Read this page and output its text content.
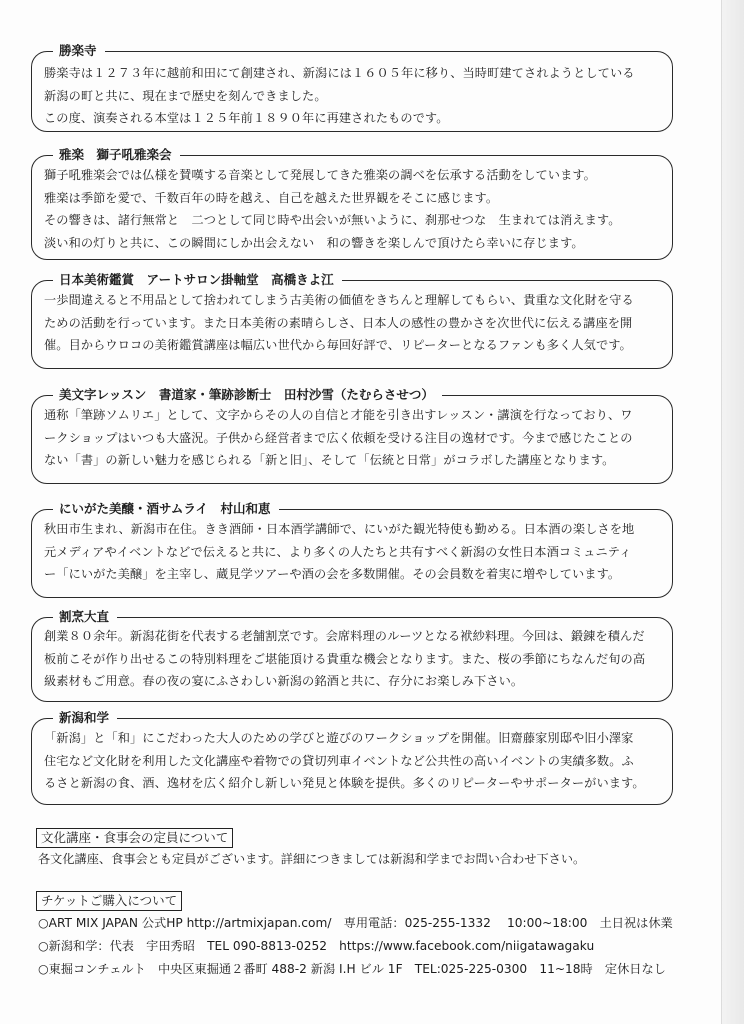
勝楽寺
勝楽寺は１２７３年に越前和田にて創建され、新潟には１６０５年に移り、当時町建てされようとしている
新潟の町と共に、現在まで歴史を刻んできました。
この度、演奏される本堂は１２５年前１８９０年に再建されたものです。
雅楽　獅子吼雅楽会
獅子吼雅楽会では仏様を賛嘆する音楽として発展してきた雅楽の調べを伝承する活動をしています。
雅楽は季節を愛で、千数百年の時を越え、自己を越えた世界観をそこに感じます。
その響きは、諸行無常と　二つとして同じ時や出会いが無いように、刹那せつな　生まれては消えます。
淡い和の灯りと共に、この瞬間にしか出会えない　和の響きを楽しんで頂けたら幸いに存じます。
日本美術鑑賞　アートサロン掛軸堂　高橋きよ江
一歩間違えると不用品として捨われてしまう古美術の価値をきちんと理解してもらい、貴重な文化財を守る
ための活動を行っています。また日本美術の素晴らしさ、日本人の感性の豊かさを次世代に伝える講座を開
催。目からウロコの美術鑑賞講座は幅広い世代から毎回好評で、リピーターとなるファンも多く人気です。
美文字レッスン　書道家・筆跡診断士　田村沙雪（たむらさせつ）
通称「筆跡ソムリエ」として、文字からその人の自信と才能を引き出すレッスン・講演を行なっており、ワ
ークショップはいつも大盛況。子供から経営者まで広く依頼を受ける注目の逸材です。今まで感じたことの
ない「書」の新しい魅力を感じられる「新と旧」、そして「伝統と日常」がコラボした講座となります。
にいがた美醸・酒サムライ　村山和恵
秋田市生まれ、新潟市在住。きき酒師・日本酒学講師で、にいがた観光特使も勤める。日本酒の楽しさを地
元メディアやイベントなどで伝えると共に、より多くの人たちと共有すべく新潟の女性日本酒コミュニティ
ー「にいがた美醸」を主宰し、蔵見学ツアーや酒の会を多数開催。その会員数を着実に増やしています。
割烹大直
創業８０余年。新潟花街を代表する老舗割烹です。会席料理のルーツとなる袱紗料理。今回は、鍛錬を積んだ
板前こそが作り出せるこの特別料理をご堪能頂ける貴重な機会となります。また、桜の季節にちなんだ旬の高
級素材もご用意。春の夜の宴にふさわしい新潟の銘酒と共に、存分にお楽しみ下さい。
新潟和学
「新潟」と「和」にこだわった大人のための学びと遊びのワークショップを開催。旧齋藤家別邸や旧小澤家
住宅など文化財を利用した文化講座や着物での貸切列車イベントなど公共性の高いイベントの実績多数。ふ
るさと新潟の食、酒、逸材を広く紹介し新しい発見と体験を提供。多くのリピーターやサポーターがいます。
文化講座・食事会の定員について
各文化講座、食事会とも定員がございます。詳細につきましては新潟和学までお問い合わせ下さい。
チケットご購入について
○ART MIX JAPAN 公式HP http://artmixjapan.com/　専用電話：025-255-1332　 10:00~18:00　土日祝は休業
○新潟和学：代表　宇田秀昭　TEL 090-8813-0252　https://www.facebook.com/niigatawagaku
○東掘コンチェルト　中央区東掘通２番町 488-2 新潟 I.H ビル 1F　TEL:025-225-0300　11~18時　定休日なし
